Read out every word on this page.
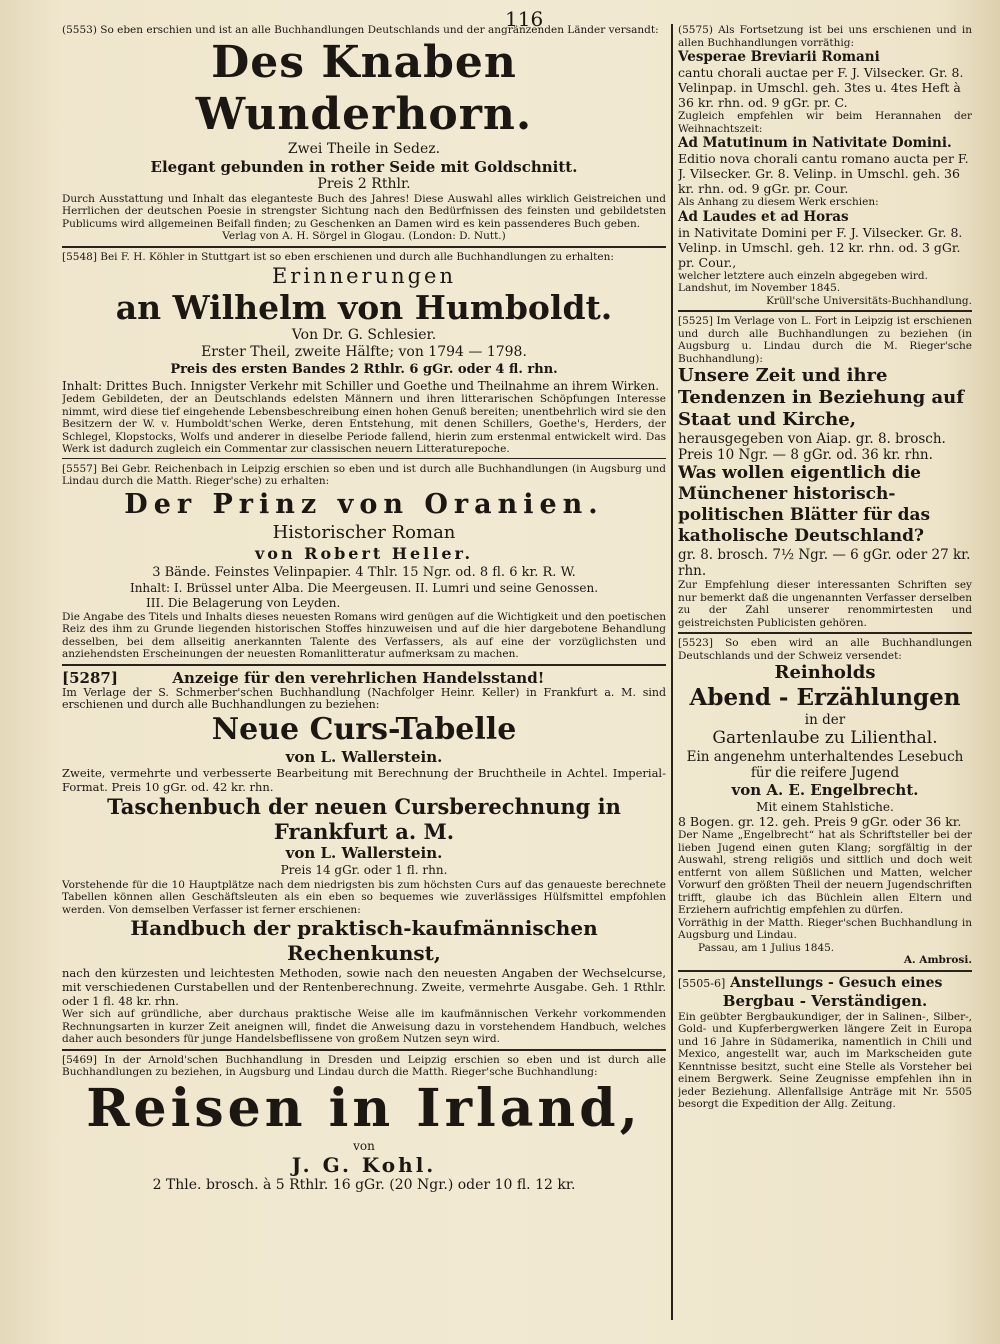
116

(5553) So eben erschien und ist an alle Buchhandlungen Deutschlands und der angränzenden Länder versandt:

Des Knaben Wunderhorn.

Zwei Theile in Sedez.

Elegant gebunden in rother Seide mit Goldschnitt.

Preis 2 Rthlr.

Durch Ausstattung und Inhalt das eleganteste Buch des Jahres! Diese Auswahl alles wirklich Geistreichen und Herrlichen der deutschen Poesie in strengster Sichtung nach den Bedürfnissen des feinsten und gebildetsten Publicums wird allgemeinen Beifall finden; zu Geschenken an Damen wird es kein passenderes Buch geben.

Verlag von A. H. Sörgel in Glogau. (London: D. Nutt.)

[5548] Bei F. H. Köhler in Stuttgart ist so eben erschienen und durch alle Buchhandlungen zu erhalten:

Erinnerungen

an Wilhelm von Humboldt.

Von Dr. G. Schlesier.

Erster Theil, zweite Hälfte; von 1794 — 1798.

Preis des ersten Bandes 2 Rthlr. 6 gGr. oder 4 fl. rhn.

Inhalt: Drittes Buch. Innigster Verkehr mit Schiller und Goethe und Theilnahme an ihrem Wirken.

Jedem Gebildeten, der an Deutschlands edelsten Männern und ihren litterarischen Schöpfungen Interesse nimmt, wird diese tief eingehende Lebensbeschreibung einen hohen Genuß bereiten; unentbehrlich wird sie den Besitzern der W. v. Humboldt'schen Werke, deren Entstehung, mit denen Schillers, Goethe's, Herders, der Schlegel, Klopstocks, Wolfs und anderer in dieselbe Periode fallend, hierin zum erstenmal entwickelt wird. Das Werk ist dadurch zugleich ein Commentar zur classischen neuern Litteraturepoche.

[5557] Bei Gebr. Reichenbach in Leipzig erschien so eben und ist durch alle Buchhandlungen (in Augsburg und Lindau durch die Matth. Rieger'sche) zu erhalten:

Der Prinz von Oranien.

Historischer Roman

von Robert Heller.

3 Bände. Feinstes Velinpapier. 4 Thlr. 15 Ngr. od. 8 fl. 6 kr. R. W.

Inhalt: I. Brüssel unter Alba. Die Meergeusen. II. Lumri und seine Genossen.

III. Die Belagerung von Leyden.

Die Angabe des Titels und Inhalts dieses neuesten Romans wird genügen auf die Wichtigkeit und den poetischen Reiz des ihm zu Grunde liegenden historischen Stoffes hinzuweisen und auf die hier dargebotene Behandlung desselben, bei dem allseitig anerkannten Talente des Verfassers, als auf eine der vorzüglichsten und anziehendsten Erscheinungen der neuesten Romanlitteratur aufmerksam zu machen.

[5287]	Anzeige für den verehrlichen Handelsstand!

Im Verlage der S. Schmerber'schen Buchhandlung (Nachfolger Heinr. Keller) in Frankfurt a. M. sind erschienen und durch alle Buchhandlungen zu beziehen:

Neue Curs-Tabelle

von L. Wallerstein.

Zweite, vermehrte und verbesserte Bearbeitung mit Berechnung der Bruchtheile in Achtel. Imperial-Format. Preis 10 gGr. od. 42 kr. rhn.

Taschenbuch der neuen Cursberechnung in Frankfurt a. M.

von L. Wallerstein.

Preis 14 gGr. oder 1 fl. rhn.

Vorstehende für die 10 Hauptplätze nach dem niedrigsten bis zum höchsten Curs auf das genaueste berechnete Tabellen können allen Geschäftsleuten als ein eben so bequemes wie zuverlässiges Hülfsmittel empfohlen werden. Von demselben Verfasser ist ferner erschienen:

Handbuch der praktisch-kaufmännischen Rechenkunst,

nach den kürzesten und leichtesten Methoden, sowie nach den neuesten Angaben der Wechselcurse, mit verschiedenen Curstabellen und der Rentenberechnung. Zweite, vermehrte Ausgabe. Geh. 1 Rthlr. oder 1 fl. 48 kr. rhn.

Wer sich auf gründliche, aber durchaus praktische Weise alle im kaufmännischen Verkehr vorkommenden Rechnungsarten in kurzer Zeit aneignen will, findet die Anweisung dazu in vorstehendem Handbuch, welches daher auch besonders für junge Handelsbeflissene von großem Nutzen seyn wird.

[5469] In der Arnold'schen Buchhandlung in Dresden und Leipzig erschien so eben und ist durch alle Buchhandlungen zu beziehen, in Augsburg und Lindau durch die Matth. Rieger'sche Buchhandlung:

Reisen in Irland,

von

J. G. Kohl.

2 Thle. brosch. à 5 Rthlr. 16 gGr. (20 Ngr.) oder 10 fl. 12 kr.

(5575) Als Fortsetzung ist bei uns erschienen und in allen Buchhandlungen vorräthig:

Vesperae Breviarii Romani

cantu chorali auctae per F. J. Vilsecker. Gr. 8. Velinpap. in Umschl. geh. 3tes u. 4tes Heft à 36 kr. rhn. od. 9 gGr. pr. C.

Zugleich empfehlen wir beim Herannahen der Weihnachtszeit:

Ad Matutinum in Nativitate Domini.

Editio nova chorali cantu romano aucta per F. J. Vilsecker. Gr. 8. Velinp. in Umschl. geh. 36 kr. rhn. od. 9 gGr. pr. Cour.

Als Anhang zu diesem Werk erschien:

Ad Laudes et ad Horas

in Nativitate Domini per F. J. Vilsecker. Gr. 8. Velinp. in Umschl. geh. 12 kr. rhn. od. 3 gGr. pr. Cour.,

welcher letztere auch einzeln abgegeben wird.

Landshut, im November 1845.

Krüll'sche Universitäts-Buchhandlung.

[5525] Im Verlage von L. Fort in Leipzig ist erschienen und durch alle Buchhandlungen zu beziehen (in Augsburg u. Lindau durch die M. Rieger'sche Buchhandlung):

Unsere Zeit und ihre Tendenzen in Beziehung auf Staat und Kirche,

herausgegeben von Aiap. gr. 8. brosch. Preis 10 Ngr. — 8 gGr. od. 36 kr. rhn.

Was wollen eigentlich die Münchener historisch-politischen Blätter für das katholische Deutschland?

gr. 8. brosch. 7½ Ngr. — 6 gGr. oder 27 kr. rhn.

Zur Empfehlung dieser interessanten Schriften sey nur bemerkt daß die ungenannten Verfasser derselben zu der Zahl unserer renommirtesten und geistreichsten Publicisten gehören.

[5523] So eben wird an alle Buchhandlungen Deutschlands und der Schweiz versendet:

Reinholds

Abend - Erzählungen

in der

Gartenlaube zu Lilienthal.

Ein angenehm unterhaltendes Lesebuch

für die reifere Jugend

von A. E. Engelbrecht.

Mit einem Stahlstiche.

8 Bogen. gr. 12. geh. Preis 9 gGr. oder 36 kr.

Der Name „Engelbrecht“ hat als Schriftsteller bei der lieben Jugend einen guten Klang; sorgfältig in der Auswahl, streng religiös und sittlich und doch weit entfernt von allem Süßlichen und Matten, welcher Vorwurf den größten Theil der neuern Jugendschriften trifft, glaube ich das Büchlein allen Eltern und Erziehern aufrichtig empfehlen zu dürfen.

Vorräthig in der Matth. Rieger'schen Buchhandlung in Augsburg und Lindau.

Passau, am 1 Julius 1845.

A. Ambrosi.

[5505-6] Anstellungs - Gesuch eines

Bergbau - Verständigen.

Ein geübter Bergbaukundiger, der in Salinen-, Silber-, Gold- und Kupferbergwerken längere Zeit in Europa und 16 Jahre in Südamerika, namentlich in Chili und Mexico, angestellt war, auch im Markscheiden gute Kenntnisse besitzt, sucht eine Stelle als Vorsteher bei einem Bergwerk. Seine Zeugnisse empfehlen ihn in jeder Beziehung. Allenfallsige Anträge mit Nr. 5505 besorgt die Expedition der Allg. Zeitung.
